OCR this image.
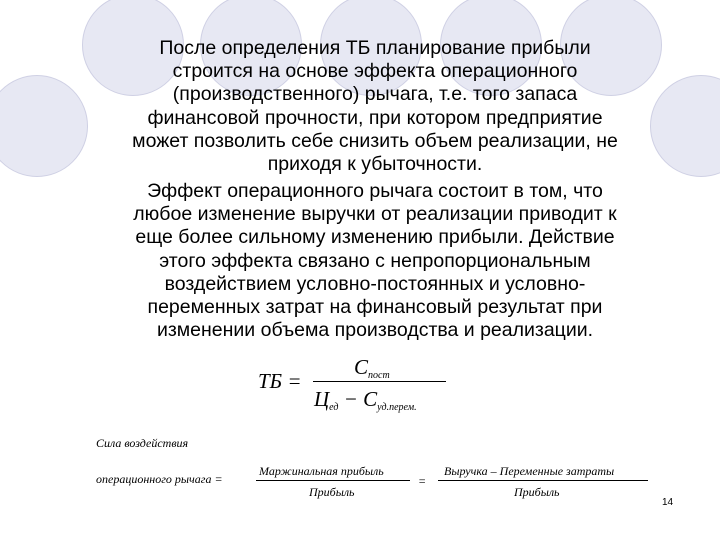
После определения ТБ планирование прибыли
строится на основе эффекта операционного
(производственного) рычага, т.е. того запаса
финансовой прочности, при котором предприятие
может позволить себе снизить объем реализации, не
приходя к убыточности.
Эффект операционного рычага состоит в том, что
любое изменение выручки от реализации приводит к
еще более сильному изменению прибыли. Действие
этого эффекта связано с непропорциональным
воздействием условно-постоянных и условно-
переменных затрат на финансовый результат при
изменении объема производства и реализации.
ТБ =
$С_{пост}$
$Ц_{ед} - С_{уд.перем.}$
Сила воздействия
операционного рычага =
Маржинальная прибыль
Прибыль
=
Выручка – Переменные затраты
Прибыль
14
